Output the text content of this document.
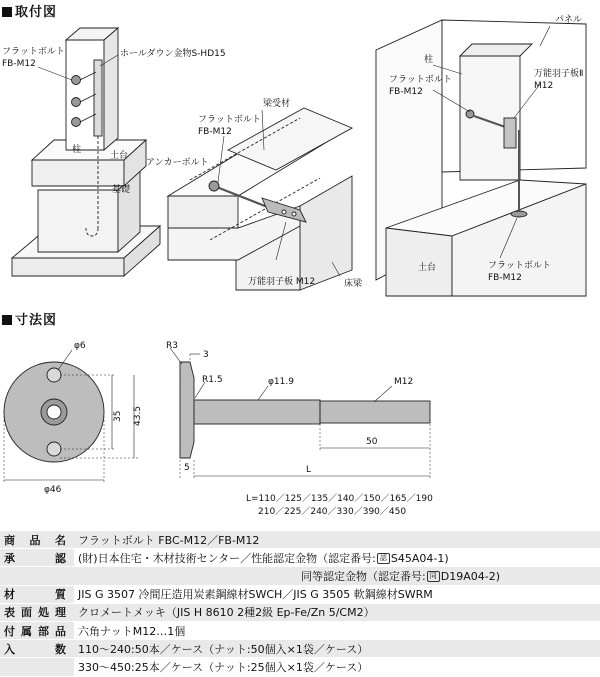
取付図
寸法図
フラットボルト
FB-M12
ホールダウン金物S-HD15
柱
土台
アンカーボルト
基礎
梁受材
フラットボルト
FB-M12
万能羽子板 M12	床梁
パネル
柱
フラットボルト
FB-M12
万能羽子板Ⅱ
M12
土台	フラットボルト
FB-M12
φ6
35 43.5
φ46
R3
3
R1.5	φ11.9	M12
50
5	L
L=110／125／135／140／150／165／190
210／225／240／330／390／450
商品名	フラットボルト FBC-M12／FB-M12
承認	(財)日本住宅・木材技術センター／性能認定金物（認定番号: 認 S45A04-1)
	同等認定金物（認定番号: 同 D19A04-2)
材質	JIS G 3507 冷間圧造用炭素鋼線材SWCH／JIS G 3505 軟鋼線材SWRM
表面処理	クロメートメッキ（JIS H 8610 2種2級 Ep-Fe/Zn 5/CM2）
付属部品	六角ナットM12…1個
入数	110～240:50本／ケース（ナット:50個入×1袋／ケース）
	330～450:25本／ケース（ナット:25個入×1袋／ケース）
